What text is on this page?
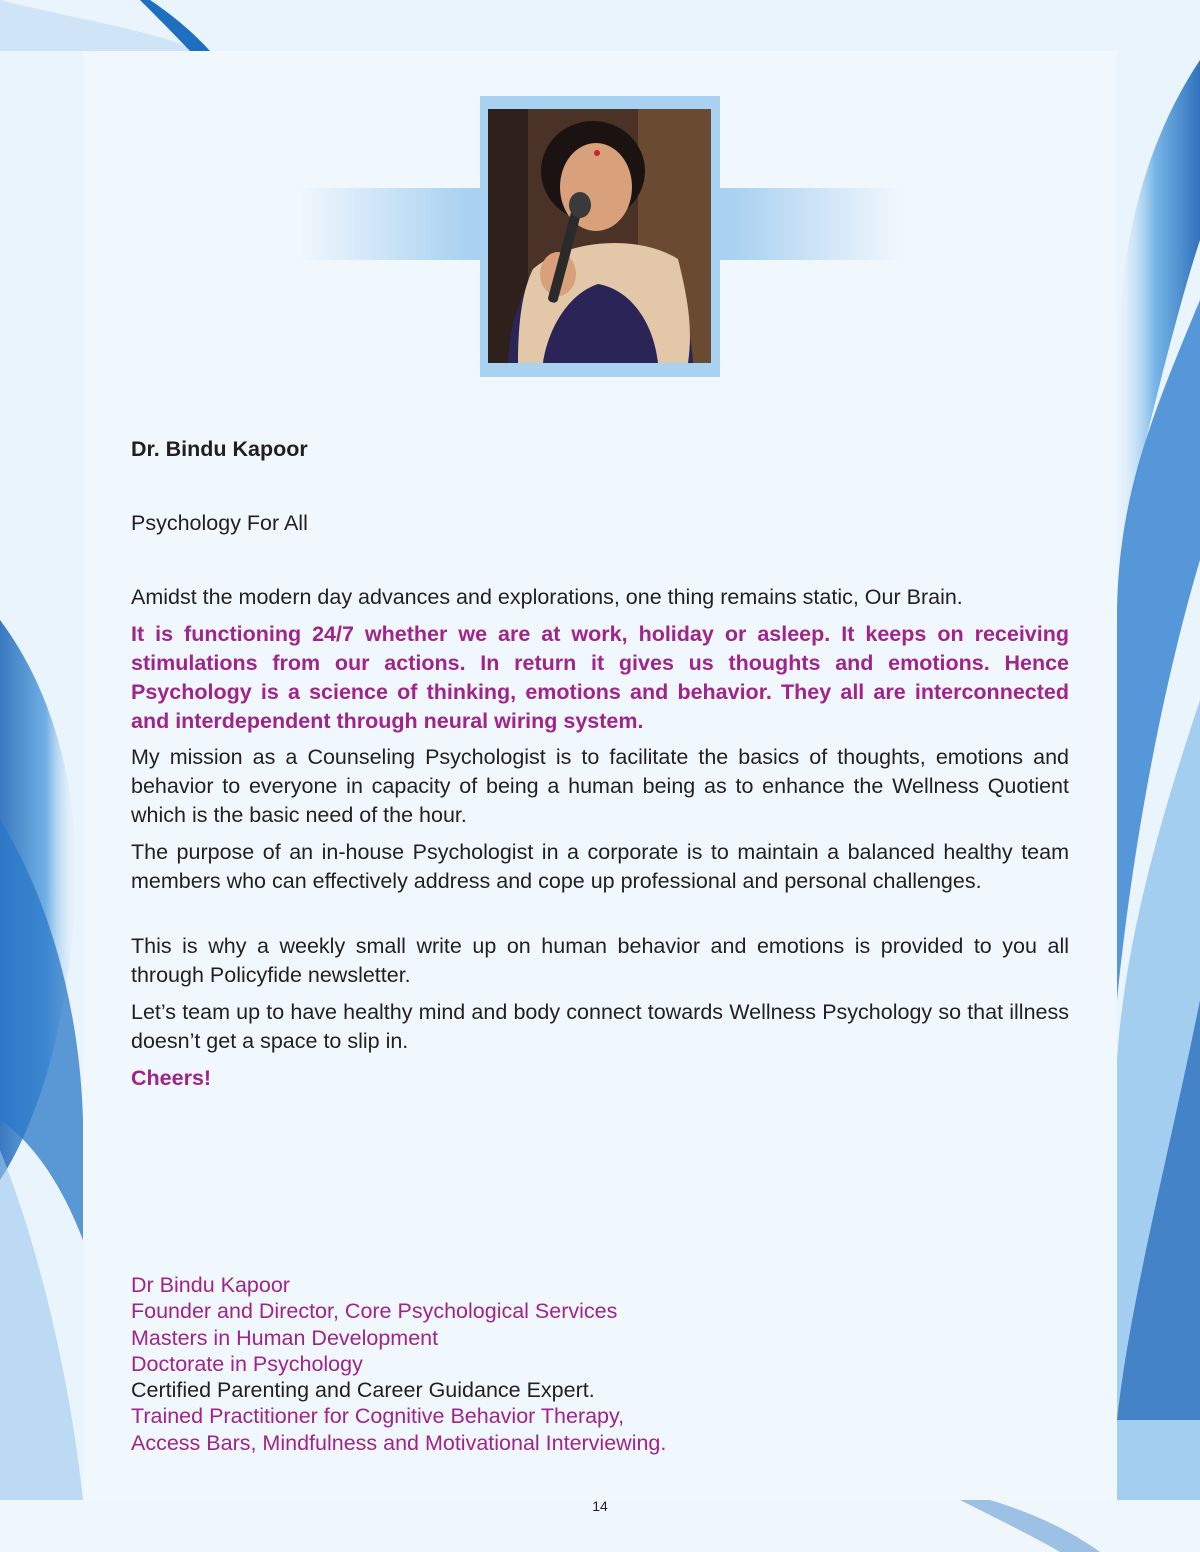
Dr. Bindu Kapoor

Psychology For All

Amidst the modern day advances and explorations, one thing remains static, Our Brain.

It is functioning 24/7 whether we are at work, holiday or asleep. It keeps on receiving stimulations from our actions. In return it gives us thoughts and emotions. Hence Psychology is a science of thinking, emotions and behavior. They all are interconnected and interdependent through neural wiring system.

My mission as a Counseling Psychologist is to facilitate the basics of thoughts, emotions and behavior to everyone in capacity of being a human being as to enhance the Wellness Quotient which is the basic need of the hour.

The purpose of an in-house Psychologist in a corporate is to maintain a balanced healthy team members who can effectively address and cope up professional and personal challenges.

This is why a weekly small write up on human behavior and emotions is provided to you all through Policyfide newsletter.

Let’s team up to have healthy mind and body connect towards Wellness Psychology so that illness doesn’t get a space to slip in.

Cheers!

Dr Bindu Kapoor
Founder and Director, Core Psychological Services
Masters in Human Development
Doctorate in Psychology
Certified Parenting and Career Guidance Expert.
Trained Practitioner for Cognitive Behavior Therapy,
Access Bars, Mindfulness and Motivational Interviewing.
14
